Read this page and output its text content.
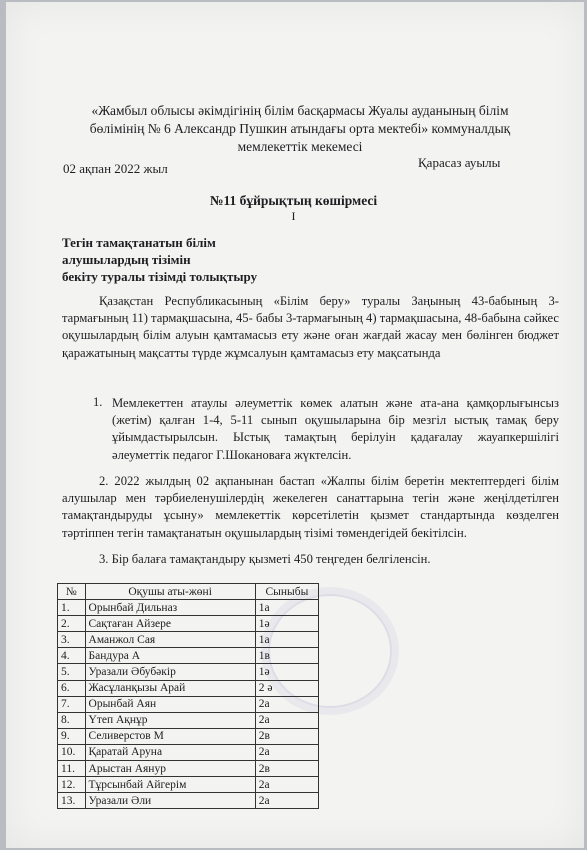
«Жамбыл облысы әкімдігінің білім басқармасы Жуалы ауданының білім
бөлімінің № 6 Александр Пушкин атындағы орта мектебі» коммуналдық
мемлекеттік мекемесі
02 ақпан 2022 жыл	Қарасаз ауылы
№11 бұйрықтың көшірмесі
I
Тегін тамақтанатын білім
алушылардың тізімін
бекіту туралы тізімді толықтыру
Қазақстан Республикасының «Білім беру» туралы Заңының 43-бабының 3-тармағының 11) тармақшасына, 45- бабы 3-тармағының 4) тармақшасына, 48-бабына сәйкес оқушылардың білім алуын қамтамасыз ету және оған жағдай жасау мен бөлінген бюджет қаражатының мақсатты түрде жұмсалуын қамтамасыз ету мақсатында
1. Мемлекеттен атаулы әлеуметтік көмек алатын және ата-ана қамқорлығынсыз (жетім) қалған 1-4, 5-11 сынып оқушыларына бір мезгіл ыстық тамақ беру ұйымдастырылсын. Ыстық тамақтың берілуін қадағалау жауапкершілігі әлеуметтік педагог Г.Шокановаға жүктелсін.
2. 2022 жылдың 02 ақпанынан бастап «Жалпы білім беретін мектептердегі білім алушылар мен тәрбиеленушілердің жекелеген санаттарына тегін және жеңілдетілген тамақтандыруды ұсыну» мемлекеттік көрсетілетін қызмет стандартында көзделген тәртіппен тегін тамақтанатын оқушылардың тізімі төмендегідей бекітілсін.
3. Бір балаға тамақтандыру қызметі 450 теңгеден белгіленсін.
№	Оқушы аты-жөні	Сыныбы
1.	Орынбай Дильназ	1а
2.	Сақтаған Айзере	1ә
3.	Аманжол Сая	1а
4.	Бандура А	1в
5.	Уразали Әбубәкір	1ә
6.	Жасұланқызы Арай	2 ә
7.	Орынбай Аян	2а
8.	Үтеп Ақнұр	2а
9.	Селиверстов М	2в
10.	Қаратай Аруна	2а
11.	Арыстан Аянур	2в
12.	Тұрсынбай Айгерім	2а
13.	Уразали Әли	2а
